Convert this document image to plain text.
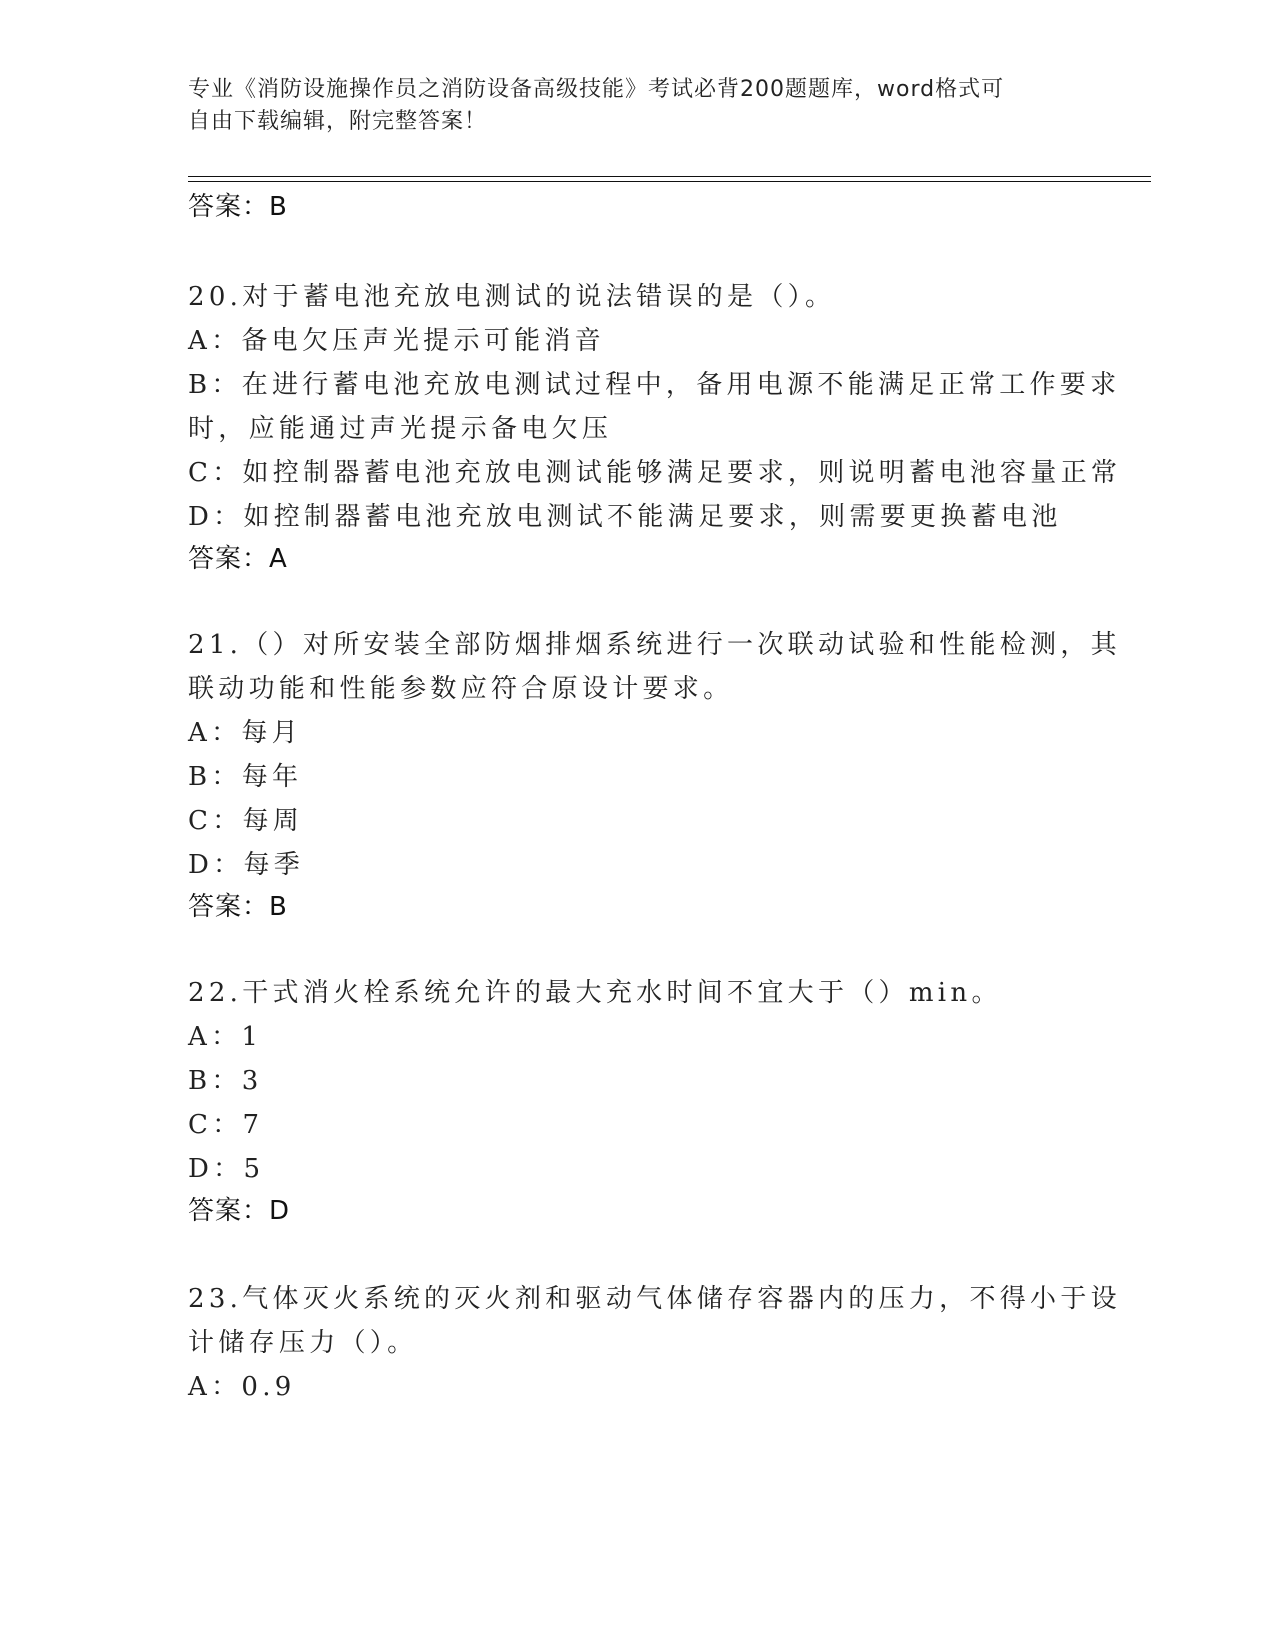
专业《消防设施操作员之消防设备高级技能》考试必背200题题库，word格式可
自由下载编辑，附完整答案！
答案：B
20.对于蓄电池充放电测试的说法错误的是（）。
A：备电欠压声光提示可能消音
B：在进行蓄电池充放电测试过程中，备用电源不能满足正常工作要求
时，应能通过声光提示备电欠压
C：如控制器蓄电池充放电测试能够满足要求，则说明蓄电池容量正常
D：如控制器蓄电池充放电测试不能满足要求，则需要更换蓄电池
答案：A
21.（）对所安装全部防烟排烟系统进行一次联动试验和性能检测，其
联动功能和性能参数应符合原设计要求。
A：每月
B：每年
C：每周
D：每季
答案：B
22.干式消火栓系统允许的最大充水时间不宜大于（）min。
A：1
B：3
C：7
D：5
答案：D
23.气体灭火系统的灭火剂和驱动气体储存容器内的压力，不得小于设
计储存压力（）。
A：0.9
